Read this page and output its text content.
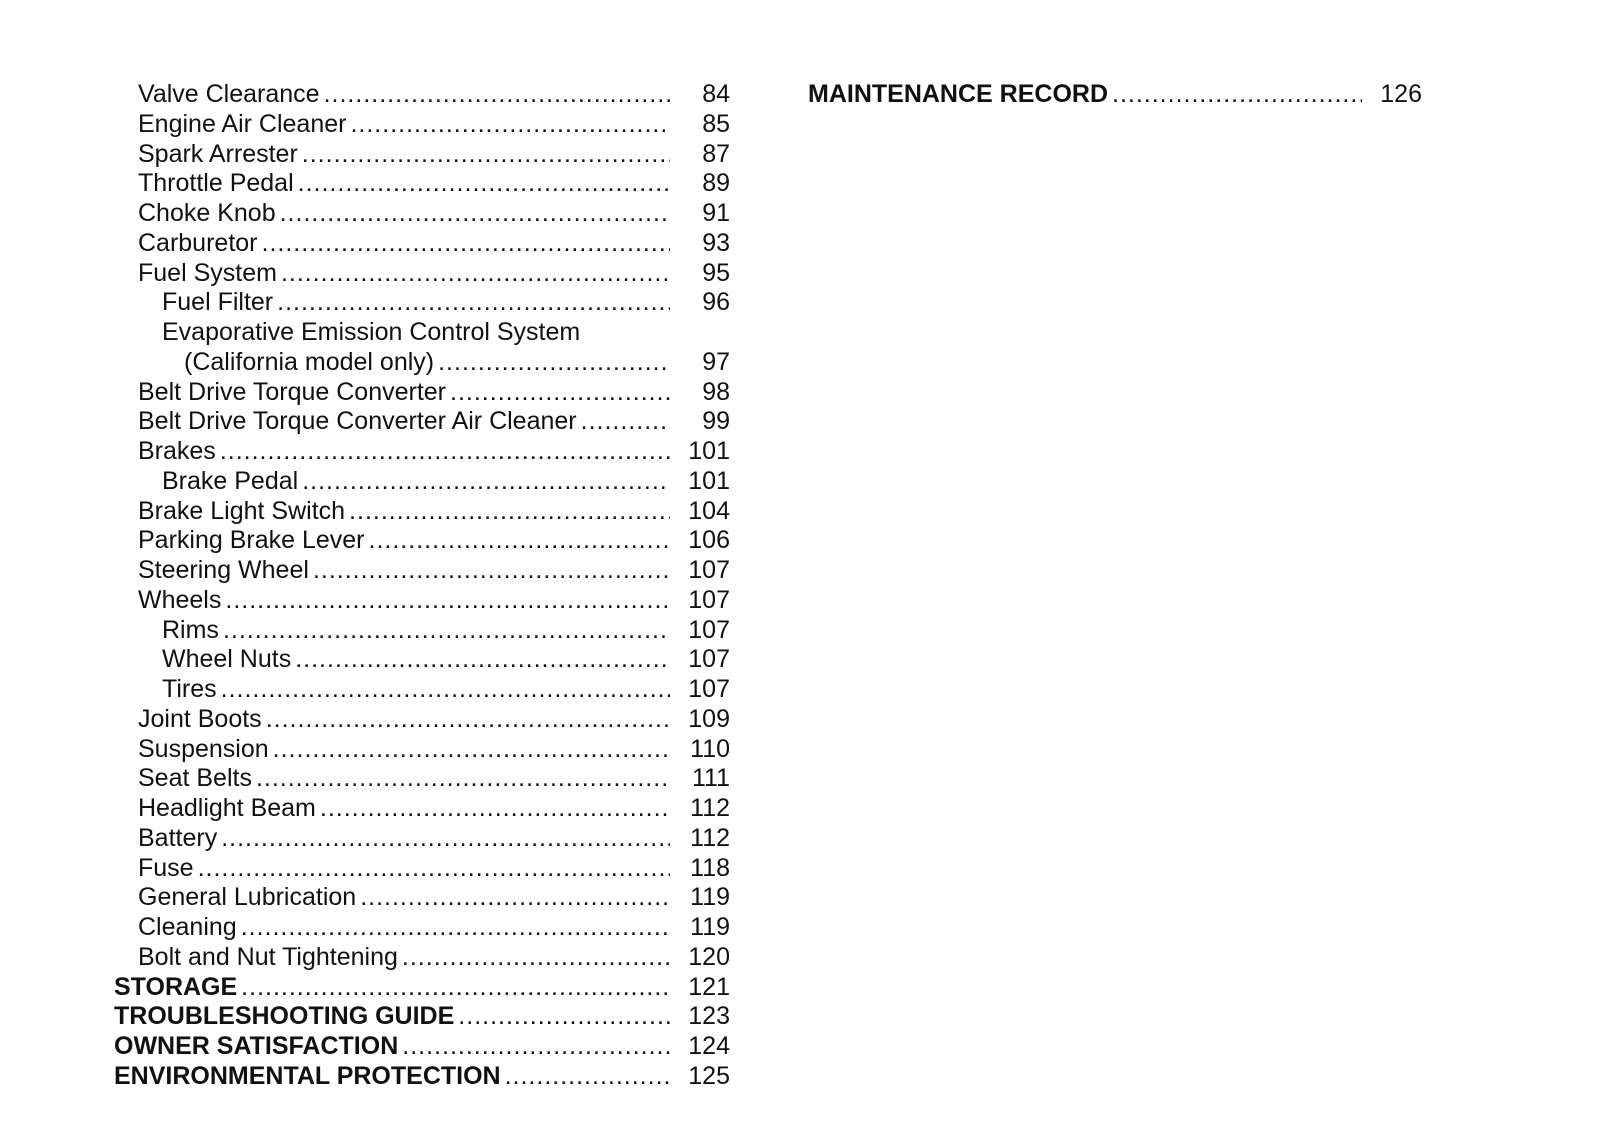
Valve Clearance .....	84
Engine Air Cleaner .....	85
Spark Arrester .....	87
Throttle Pedal .....	89
Choke Knob .....	91
Carburetor .....	93
Fuel System .....	95
Fuel Filter .....	96
Evaporative Emission Control System
(California model only) .....	97
Belt Drive Torque Converter .....	98
Belt Drive Torque Converter Air Cleaner .....	99
Brakes .....	101
Brake Pedal .....	101
Brake Light Switch .....	104
Parking Brake Lever .....	106
Steering Wheel .....	107
Wheels .....	107
Rims .....	107
Wheel Nuts .....	107
Tires .....	107
Joint Boots .....	109
Suspension .....	110
Seat Belts .....	111
Headlight Beam .....	112
Battery .....	112
Fuse .....	118
General Lubrication .....	119
Cleaning .....	119
Bolt and Nut Tightening .....	120
STORAGE .....	121
TROUBLESHOOTING GUIDE .....	123
OWNER SATISFACTION .....	124
ENVIRONMENTAL PROTECTION .....	125
MAINTENANCE RECORD .....	126
